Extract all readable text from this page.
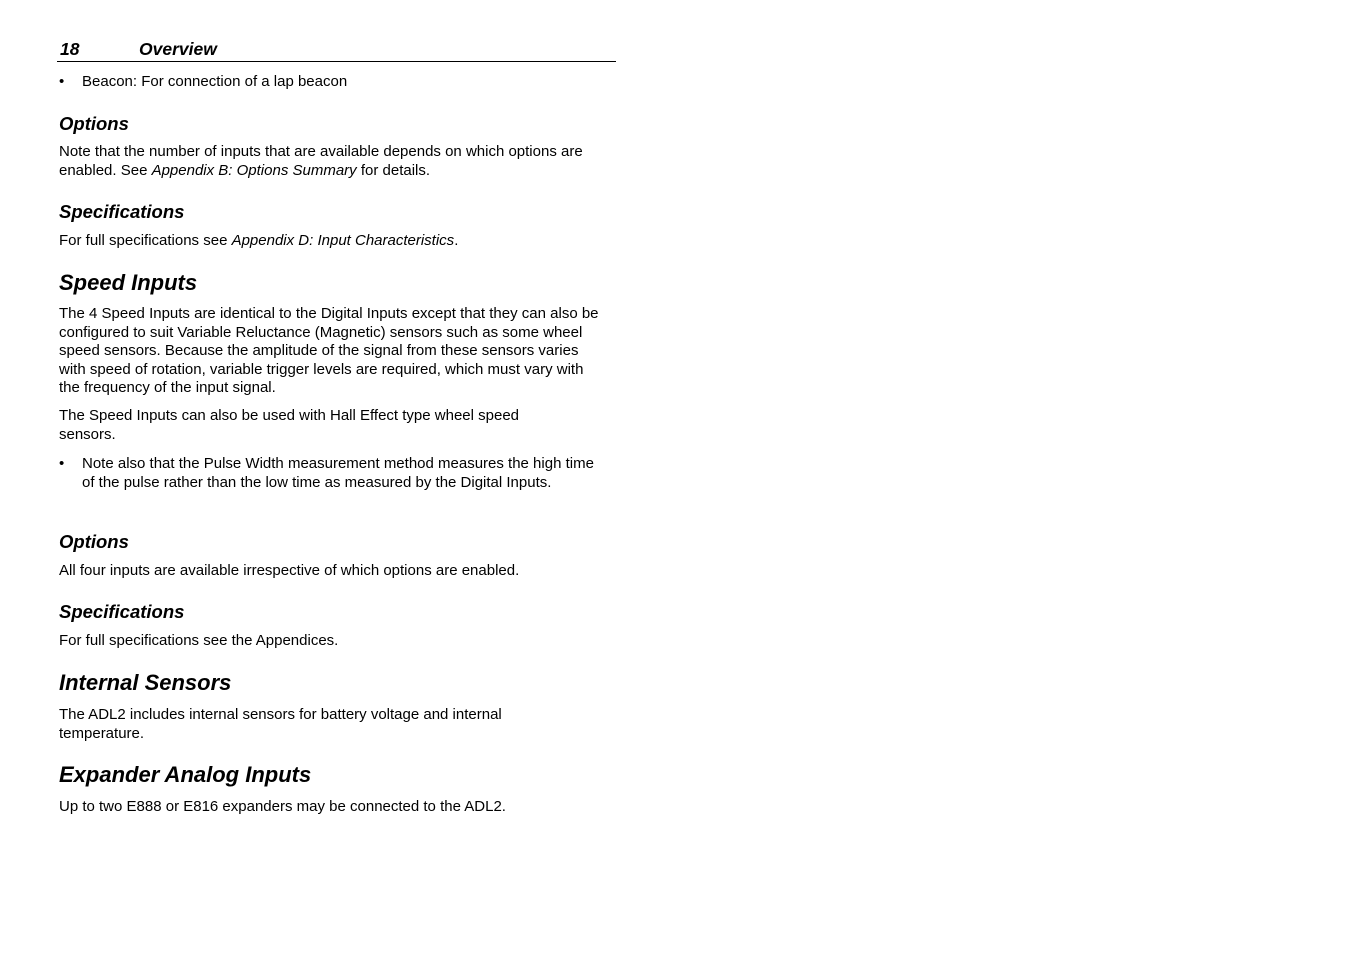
18	Overview
• Beacon: For connection of a lap beacon
Options

Note that the number of inputs that are available depends on which options are enabled. See Appendix B: Options Summary for details.

Specifications

For full specifications see Appendix D: Input Characteristics.

Speed Inputs

The 4 Speed Inputs are identical to the Digital Inputs except that they can also be configured to suit Variable Reluctance (Magnetic) sensors such as some wheel speed sensors. Because the amplitude of the signal from these sensors varies with speed of rotation, variable trigger levels are required, which must vary with the frequency of the input signal.

The Speed Inputs can also be used with Hall Effect type wheel speed sensors.

• Note also that the Pulse Width measurement method measures the high time of the pulse rather than the low time as measured by the Digital Inputs.
Options

All four inputs are available irrespective of which options are enabled.

Specifications

For full specifications see the Appendices.

Internal Sensors

The ADL2 includes internal sensors for battery voltage and internal temperature.

Expander Analog Inputs

Up to two E888 or E816 expanders may be connected to the ADL2.
